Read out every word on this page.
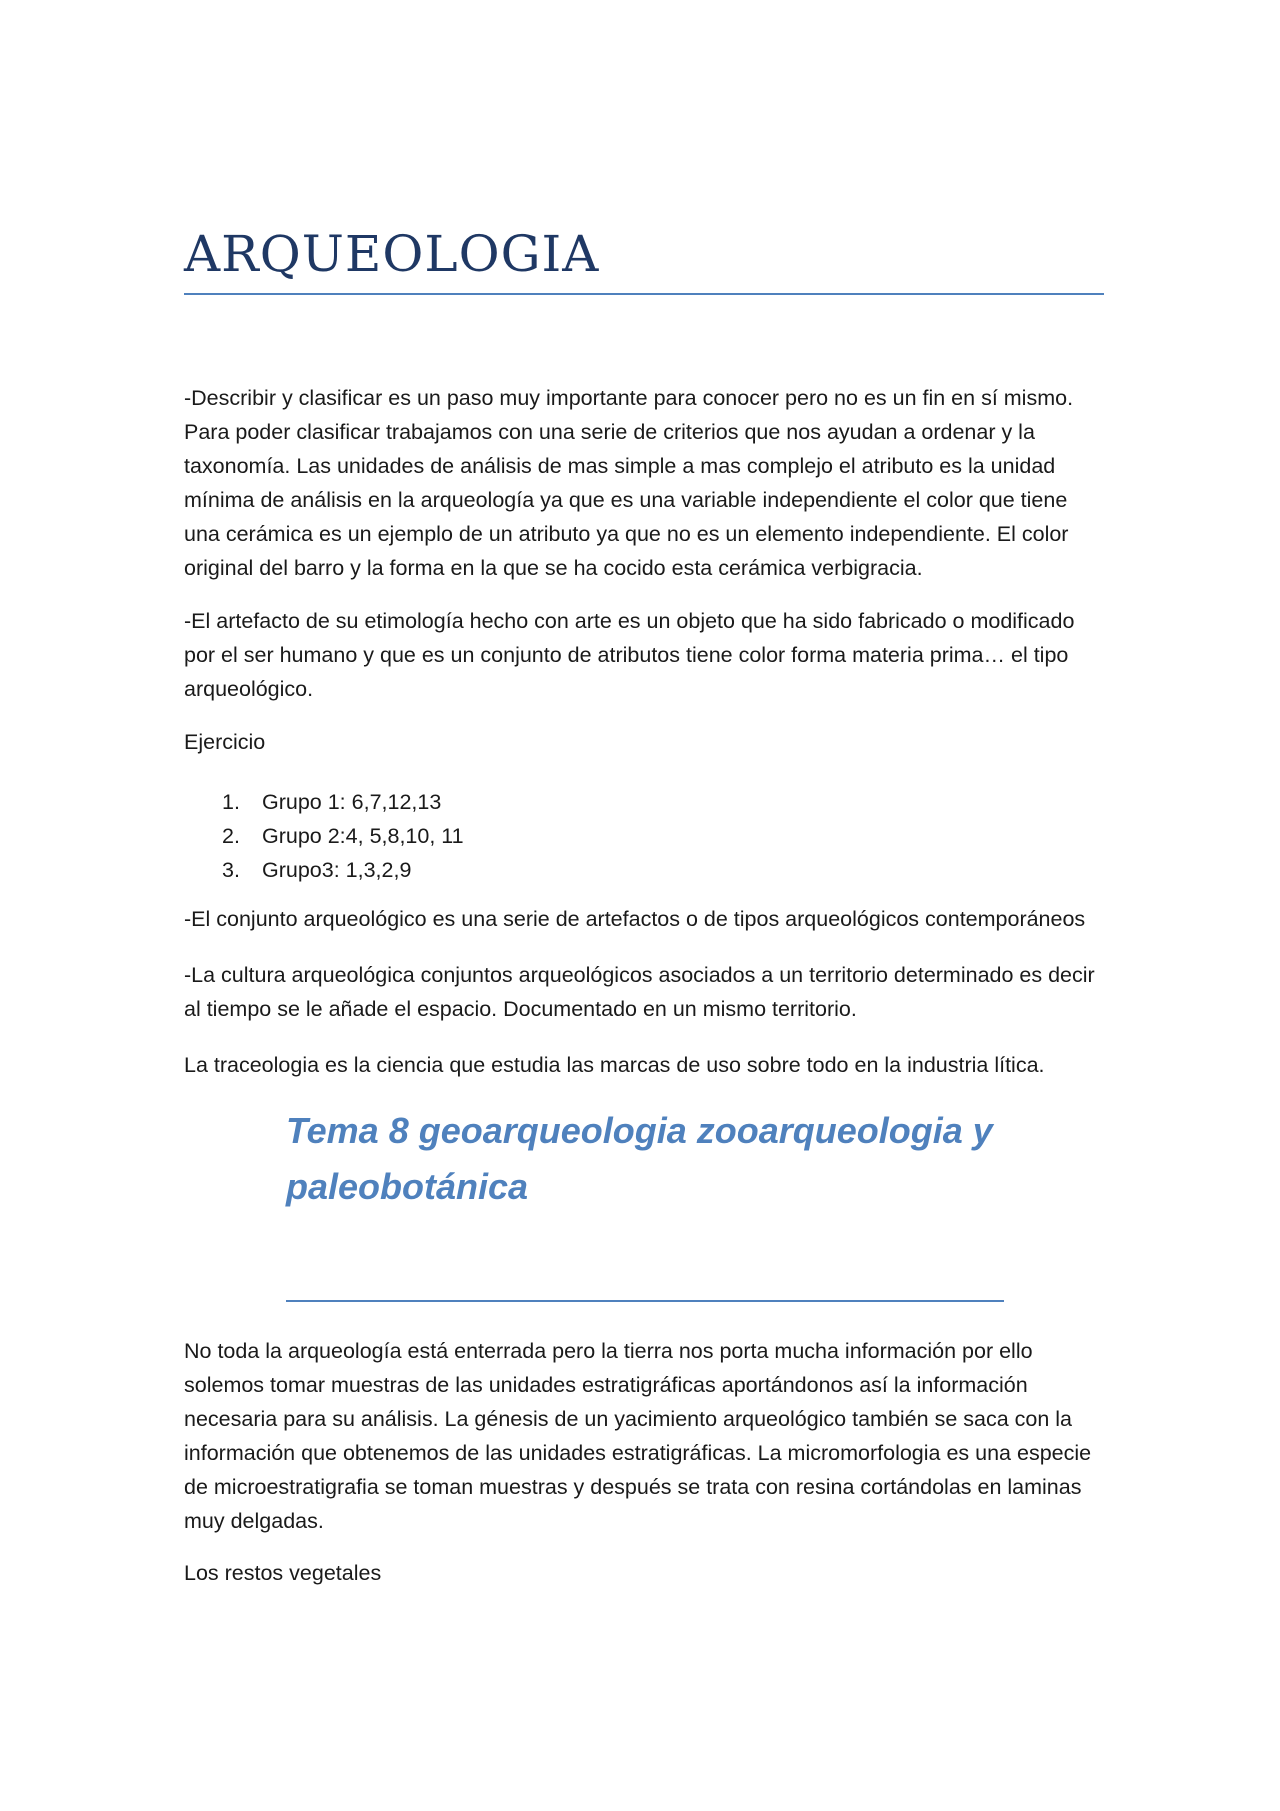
ARQUEOLOGIA

-Describir y clasificar es un paso muy importante para conocer pero no es un fin en sí mismo. Para poder clasificar trabajamos con una serie de criterios que nos ayudan a ordenar y la taxonomía. Las unidades de análisis de mas simple a mas complejo el atributo es la unidad mínima de análisis en la arqueología ya que es una variable independiente el color que tiene una cerámica es un ejemplo de un atributo ya que no es un elemento independiente. El color original del barro y la forma en la que se ha cocido esta cerámica verbigracia.

-El artefacto de su etimología hecho con arte es un objeto que ha sido fabricado o modificado por el ser humano y que es un conjunto de atributos tiene color forma materia prima… el tipo arqueológico.

Ejercicio

1. Grupo 1: 6,7,12,13
2. Grupo 2:4, 5,8,10, 11
3. Grupo3: 1,3,2,9

-El conjunto arqueológico es una serie de artefactos o de tipos arqueológicos contemporáneos

-La cultura arqueológica conjuntos arqueológicos asociados a un territorio determinado es decir al tiempo se le añade el espacio. Documentado en un mismo territorio.

La traceologia es la ciencia que estudia las marcas de uso sobre todo en la industria lítica.

Tema 8 geoarqueologia zooarqueologia y paleobotánica

No toda la arqueología está enterrada pero la tierra nos porta mucha información por ello solemos tomar muestras de las unidades estratigráficas aportándonos así la información necesaria para su análisis. La génesis de un yacimiento arqueológico también se saca con la información que obtenemos de las unidades estratigráficas. La micromorfologia es una especie de microestratigrafia se toman muestras y después se trata con resina cortándolas en laminas muy delgadas.

Los restos vegetales
